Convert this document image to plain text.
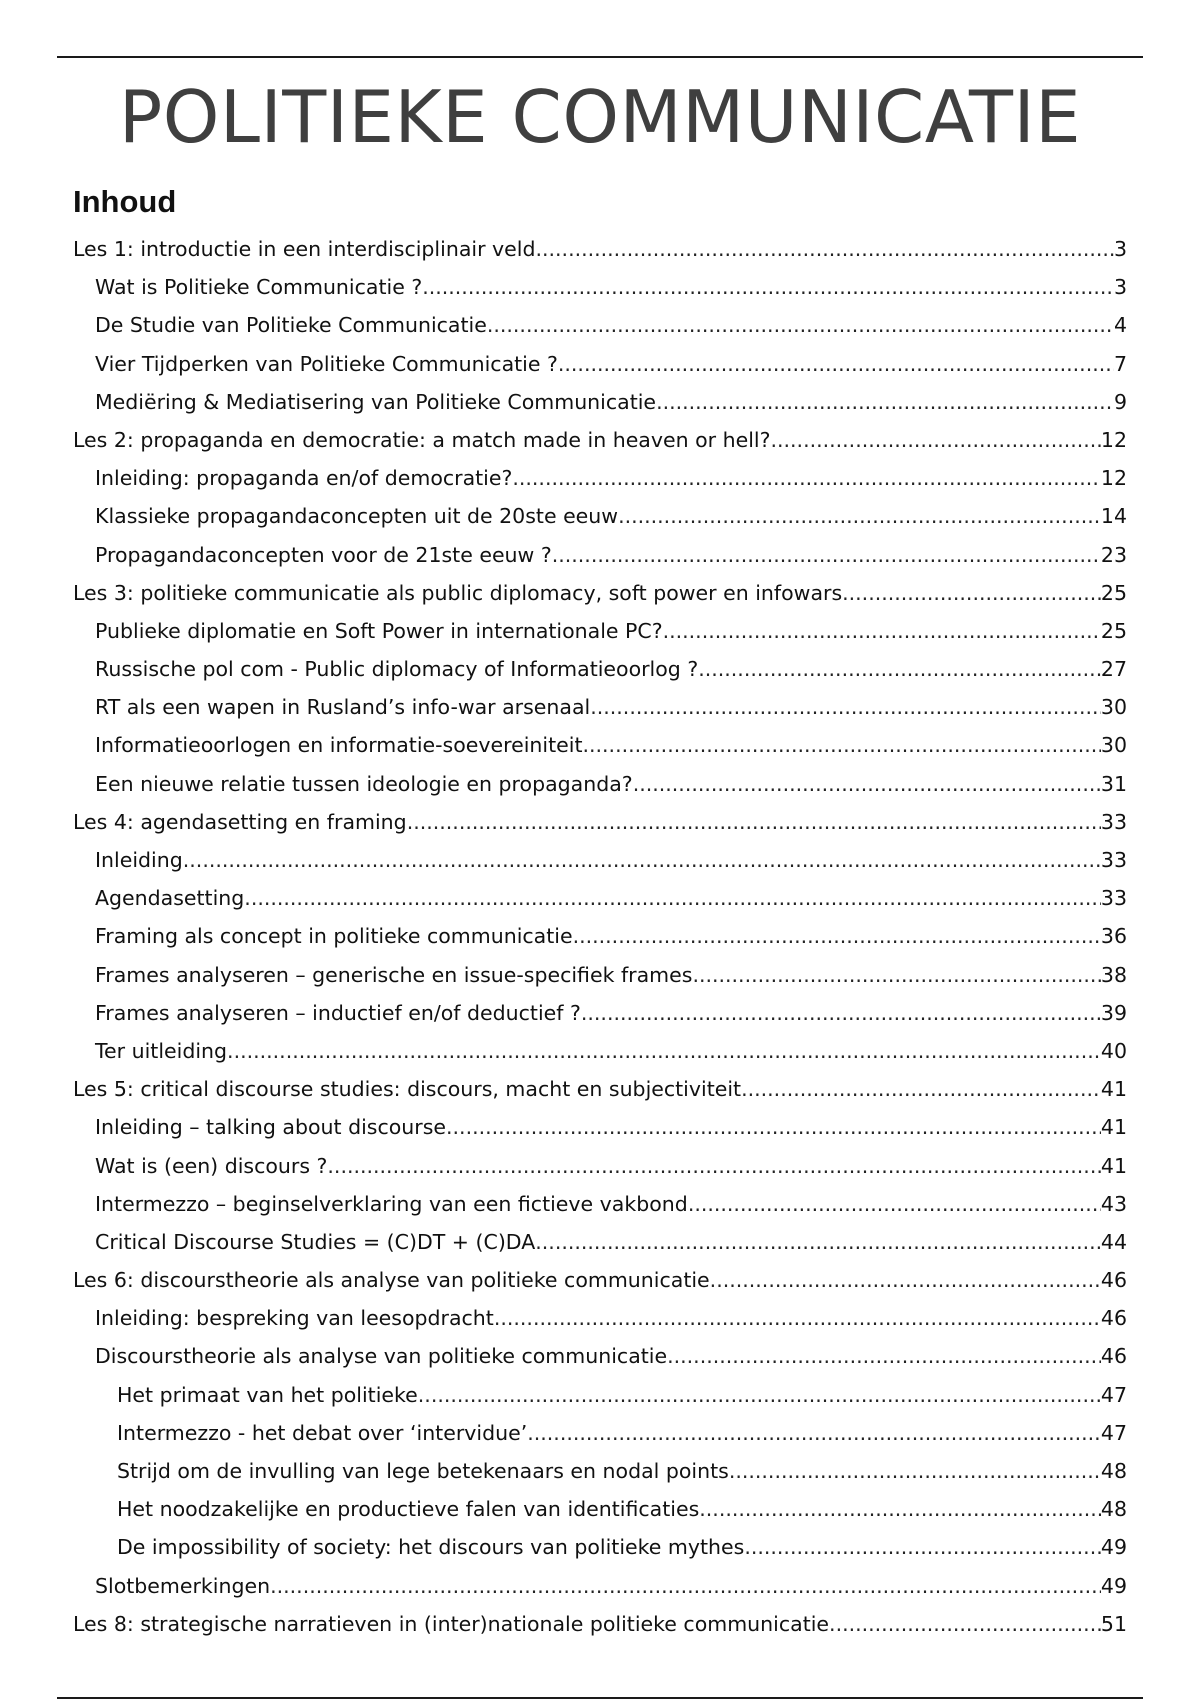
POLITIEKE COMMUNICATIE
Inhoud
Les 1: introductie in een interdisciplinair veld .....	3
Wat is Politieke Communicatie ? .....	3
De Studie van Politieke Communicatie .....	4
Vier Tijdperken van Politieke Communicatie ? .....	7
Mediëring & Mediatisering van Politieke Communicatie .....	9
Les 2: propaganda en democratie: a match made in heaven or hell? .....	12
Inleiding: propaganda en/of democratie? .....	12
Klassieke propagandaconcepten uit de 20ste eeuw .....	14
Propagandaconcepten voor de 21ste eeuw ? .....	23
Les 3: politieke communicatie als public diplomacy, soft power en infowars .....	25
Publieke diplomatie en Soft Power in internationale PC? .....	25
Russische pol com - Public diplomacy of Informatieoorlog ? .....	27
RT als een wapen in Rusland’s info-war arsenaal .....	30
Informatieoorlogen en informatie-soevereiniteit .....	30
Een nieuwe relatie tussen ideologie en propaganda? .....	31
Les 4: agendasetting en framing .....	33
Inleiding .....	33
Agendasetting .....	33
Framing als concept in politieke communicatie .....	36
Frames analyseren – generische en issue-specifiek frames .....	38
Frames analyseren – inductief en/of deductief ? .....	39
Ter uitleiding .....	40
Les 5: critical discourse studies: discours, macht en subjectiviteit .....	41
Inleiding – talking about discourse .....	41
Wat is (een) discours ? .....	41
Intermezzo – beginselverklaring van een fictieve vakbond .....	43
Critical Discourse Studies = (C)DT + (C)DA .....	44
Les 6: discourstheorie als analyse van politieke communicatie .....	46
Inleiding: bespreking van leesopdracht .....	46
Discourstheorie als analyse van politieke communicatie .....	46
Het primaat van het politieke .....	47
Intermezzo - het debat over ‘intervidue’ .....	47
Strijd om de invulling van lege betekenaars en nodal points .....	48
Het noodzakelijke en productieve falen van identificaties .....	48
De impossibility of society: het discours van politieke mythes .....	49
Slotbemerkingen .....	49
Les 8: strategische narratieven in (inter)nationale politieke communicatie .....	51
